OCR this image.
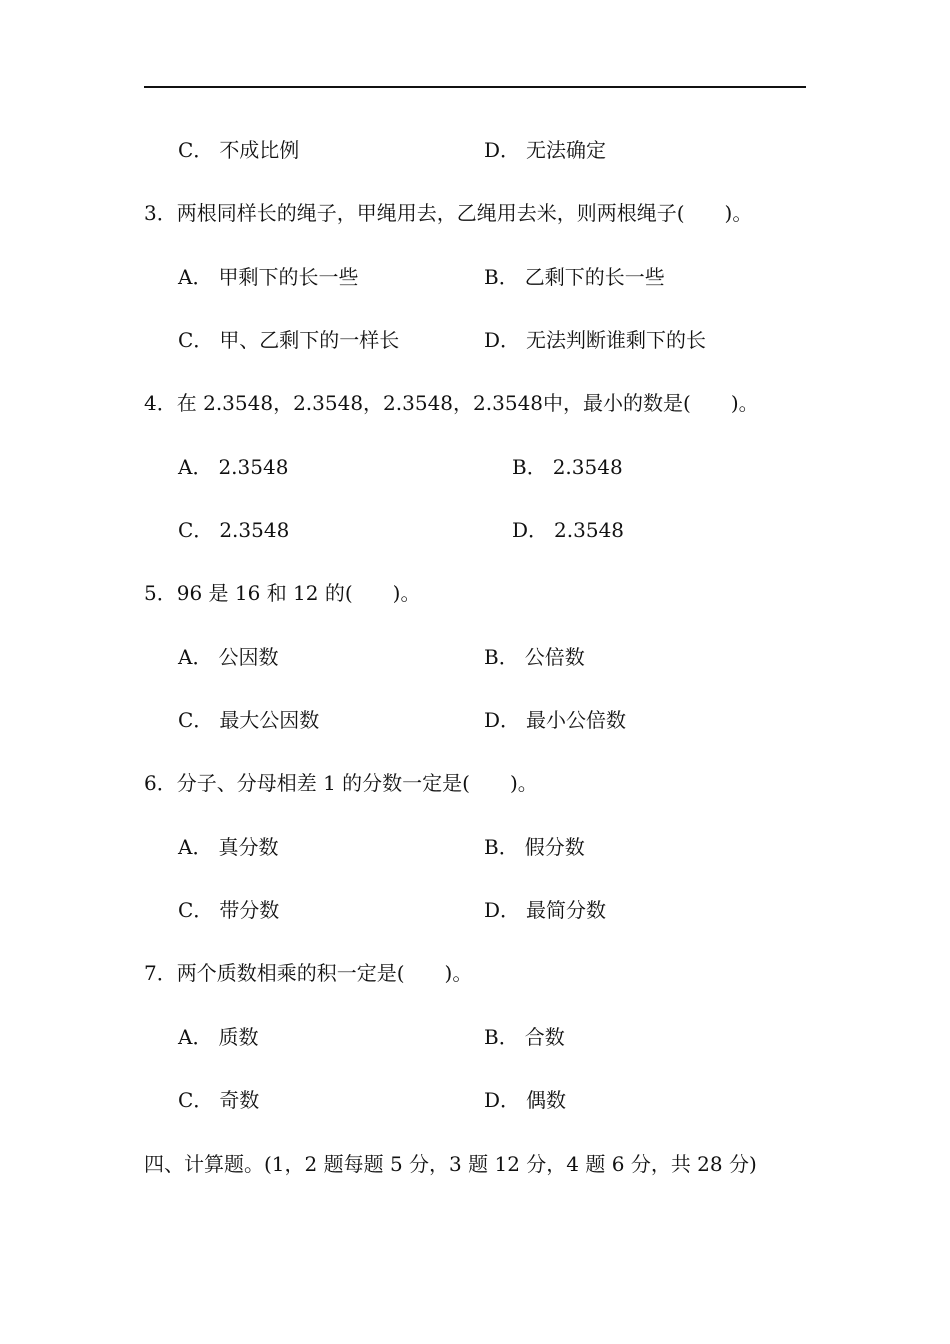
C． 不成比例	D． 无法确定
3．两根同样长的绳子，甲绳用去，乙绳用去米，则两根绳子(　　)。
A． 甲剩下的长一些	B． 乙剩下的长一些
C． 甲、乙剩下的一样长	D． 无法判断谁剩下的长
4．在 2.3548，2.3548，2.3548，2.3548中，最小的数是(　　)。
A． 2.3548	B． 2.3548
C． 2.3548	D． 2.3548
5．96 是 16 和 12 的(　　)。
A． 公因数	B． 公倍数
C． 最大公因数	D． 最小公倍数
6．分子、分母相差 1 的分数一定是(　　)。
A． 真分数	B． 假分数
C． 带分数	D． 最简分数
7．两个质数相乘的积一定是(　　)。
A． 质数	B． 合数
C． 奇数	D． 偶数
四、计算题。(1，2 题每题 5 分，3 题 12 分，4 题 6 分，共 28 分)
